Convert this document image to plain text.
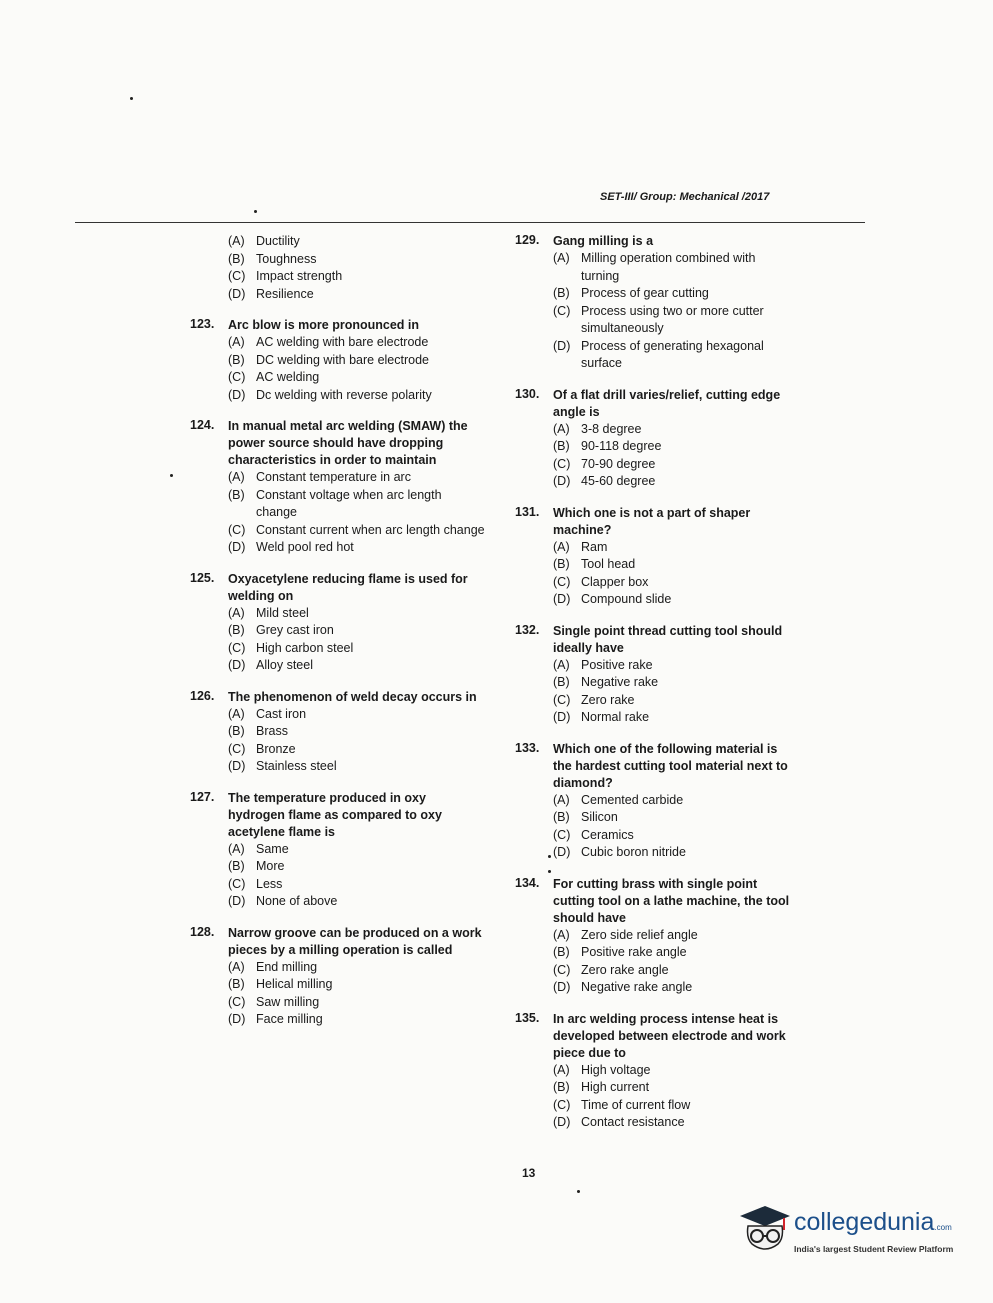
SET-III/ Group: Mechanical /2017
(A) Ductility
(B) Toughness
(C) Impact strength
(D) Resilience
123.	Arc blow is more pronounced in
(A) AC welding with bare electrode
(B) DC welding with bare electrode
(C) AC welding
(D) Dc welding with reverse polarity
124.	In manual metal arc welding (SMAW) the power source should have dropping characteristics in order to maintain
(A) Constant temperature in arc
(B) Constant voltage when arc length change
(C) Constant current when arc length change
(D) Weld pool red hot
125.	Oxyacetylene reducing flame is used for welding on
(A) Mild steel
(B) Grey cast iron
(C) High carbon steel
(D) Alloy steel
126.	The phenomenon of weld decay occurs in
(A) Cast iron
(B) Brass
(C) Bronze
(D) Stainless steel
127.	The temperature produced in oxy hydrogen flame as compared to oxy acetylene flame is
(A) Same
(B) More
(C) Less
(D) None of above
128.	Narrow groove can be produced on a work pieces by a milling operation is called
(A) End milling
(B) Helical milling
(C) Saw milling
(D) Face milling
129.	Gang milling is a
(A) Milling operation combined with turning
(B) Process of gear cutting
(C) Process using two or more cutter simultaneously
(D) Process of generating hexagonal surface
130.	Of a flat drill varies/relief, cutting edge angle is
(A) 3-8 degree
(B) 90-118 degree
(C) 70-90 degree
(D) 45-60 degree
131.	Which one is not a part of shaper machine?
(A) Ram
(B) Tool head
(C) Clapper box
(D) Compound slide
132.	Single point thread cutting tool should ideally have
(A) Positive rake
(B) Negative rake
(C) Zero rake
(D) Normal rake
133.	Which one of the following material is the hardest cutting tool material next to diamond?
(A) Cemented carbide
(B) Silicon
(C) Ceramics
(D) Cubic boron nitride
134.	For cutting brass with single point cutting tool on a lathe machine, the tool should have
(A) Zero side relief angle
(B) Positive rake angle
(C) Zero rake angle
(D) Negative rake angle
135.	In arc welding process intense heat is developed between electrode and work piece due to
(A) High voltage
(B) High current
(C) Time of current flow
(D) Contact resistance
13
collegedunia.com
India's largest Student Review Platform
